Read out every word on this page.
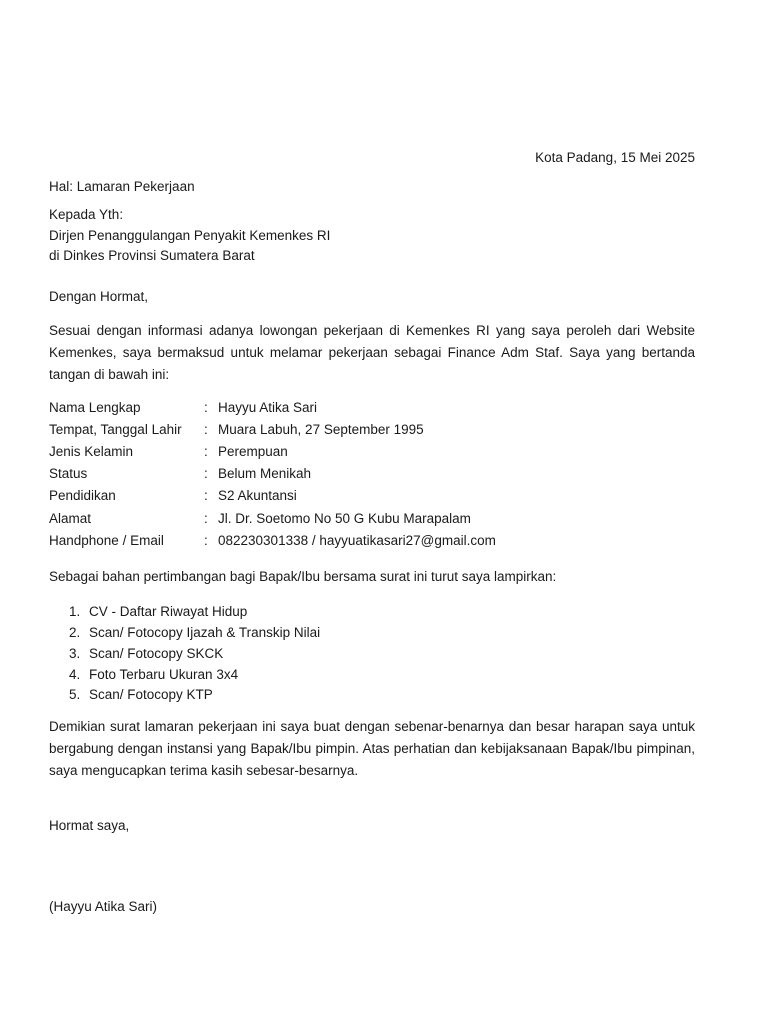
Kota Padang, 15 Mei 2025
Hal: Lamaran Pekerjaan
Kepada Yth:
Dirjen Penanggulangan Penyakit Kemenkes RI
di Dinkes Provinsi Sumatera Barat
Dengan Hormat,
Sesuai dengan informasi adanya lowongan pekerjaan di Kemenkes RI yang saya peroleh dari Website Kemenkes, saya bermaksud untuk melamar pekerjaan sebagai Finance Adm Staf. Saya yang bertanda tangan di bawah ini:
Nama Lengkap	: Hayyu Atika Sari
Tempat, Tanggal Lahir : Muara Labuh, 27 September 1995
Jenis Kelamin	: Perempuan
Status	: Belum Menikah
Pendidikan	: S2 Akuntansi
Alamat	: Jl. Dr. Soetomo No 50 G Kubu Marapalam
Handphone / Email	: 082230301338 / hayyuatikasari27@gmail.com
Sebagai bahan pertimbangan bagi Bapak/Ibu bersama surat ini turut saya lampirkan:
1. CV - Daftar Riwayat Hidup
2. Scan/ Fotocopy Ijazah & Transkip Nilai
3. Scan/ Fotocopy SKCK
4. Foto Terbaru Ukuran 3x4
5. Scan/ Fotocopy KTP
Demikian surat lamaran pekerjaan ini saya buat dengan sebenar-benarnya dan besar harapan saya untuk bergabung dengan instansi yang Bapak/Ibu pimpin. Atas perhatian dan kebijaksanaan Bapak/Ibu pimpinan, saya mengucapkan terima kasih sebesar-besarnya.
Hormat saya,
(Hayyu Atika Sari)
